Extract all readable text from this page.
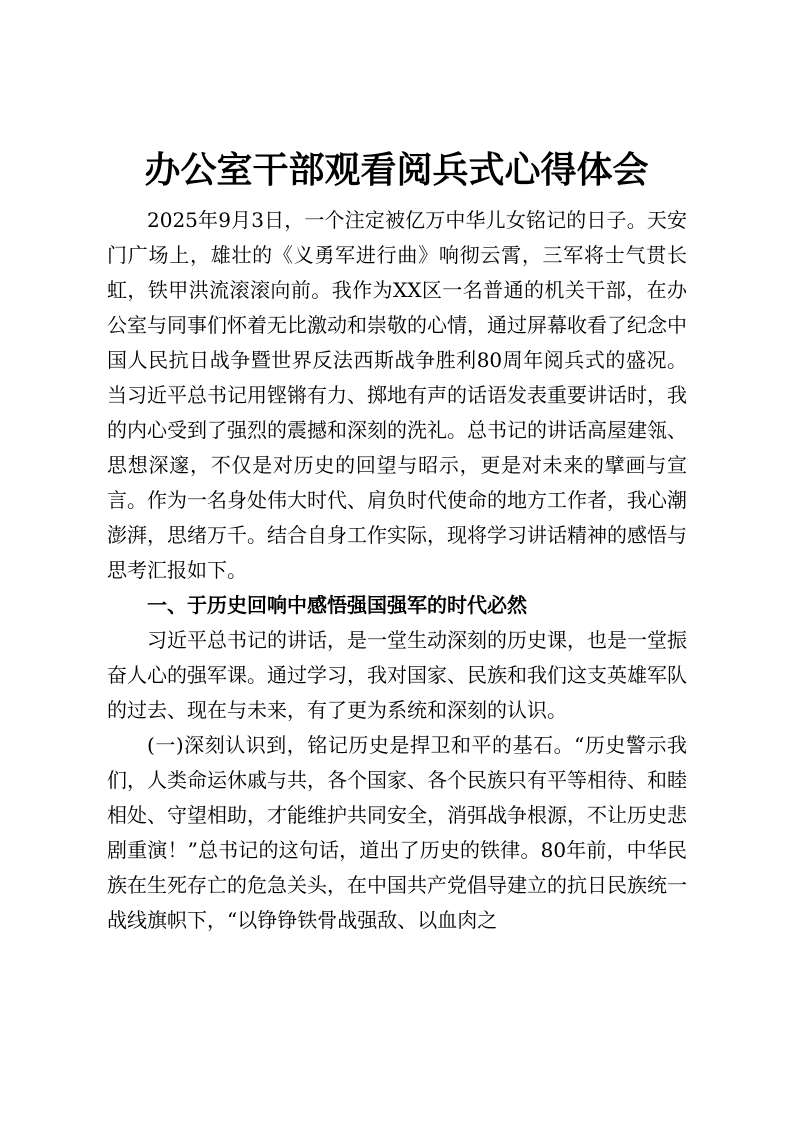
办公室干部观看阅兵式心得体会

2025年9月3日，一个注定被亿万中华儿女铭记的日子。天安门广场上，雄壮的《义勇军进行曲》响彻云霄，三军将士气贯长虹，铁甲洪流滚滚向前。我作为XX区一名普通的机关干部，在办公室与同事们怀着无比激动和崇敬的心情，通过屏幕收看了纪念中国人民抗日战争暨世界反法西斯战争胜利80周年阅兵式的盛况。当习近平总书记用铿锵有力、掷地有声的话语发表重要讲话时，我的内心受到了强烈的震撼和深刻的洗礼。总书记的讲话高屋建瓴、思想深邃，不仅是对历史的回望与昭示，更是对未来的擘画与宣言。作为一名身处伟大时代、肩负时代使命的地方工作者，我心潮澎湃，思绪万千。结合自身工作实际，现将学习讲话精神的感悟与思考汇报如下。

一、于历史回响中感悟强国强军的时代必然

习近平总书记的讲话，是一堂生动深刻的历史课，也是一堂振奋人心的强军课。通过学习，我对国家、民族和我们这支英雄军队的过去、现在与未来，有了更为系统和深刻的认识。

(一)深刻认识到，铭记历史是捍卫和平的基石。“历史警示我们，人类命运休戚与共，各个国家、各个民族只有平等相待、和睦相处、守望相助，才能维护共同安全，消弭战争根源，不让历史悲剧重演！”总书记的这句话，道出了历史的铁律。80年前，中华民族在生死存亡的危急关头，在中国共产党倡导建立的抗日民族统一战线旗帜下，“以铮铮铁骨战强敌、以血肉之
